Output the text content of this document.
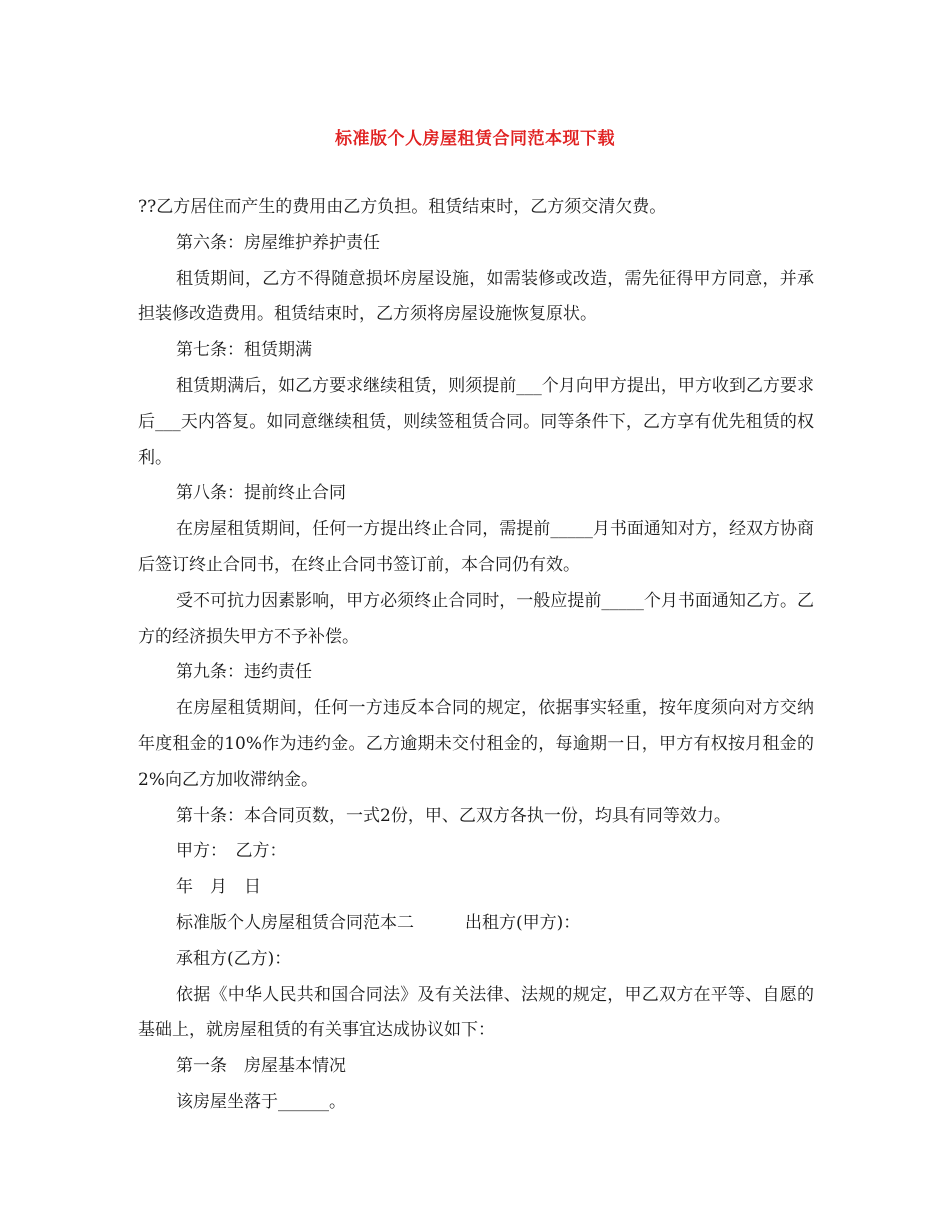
标准版个人房屋租赁合同范本现下载

??乙方居住而产生的费用由乙方负担。租赁结束时，乙方须交清欠费。

第六条：房屋维护养护责任

租赁期间，乙方不得随意损坏房屋设施，如需装修或改造，需先征得甲方同意，并承担装修改造费用。租赁结束时，乙方须将房屋设施恢复原状。

第七条：租赁期满

租赁期满后，如乙方要求继续租赁，则须提前___个月向甲方提出，甲方收到乙方要求后___天内答复。如同意继续租赁，则续签租赁合同。同等条件下，乙方享有优先租赁的权利。

第八条：提前终止合同

在房屋租赁期间，任何一方提出终止合同，需提前_____月书面通知对方，经双方协商后签订终止合同书，在终止合同书签订前，本合同仍有效。

受不可抗力因素影响，甲方必须终止合同时，一般应提前_____个月书面通知乙方。乙方的经济损失甲方不予补偿。

第九条：违约责任

在房屋租赁期间，任何一方违反本合同的规定，依据事实轻重，按年度须向对方交纳年度租金的10%作为违约金。乙方逾期未交付租金的，每逾期一日，甲方有权按月租金的2%向乙方加收滞纳金。

第十条：本合同页数，一式2份，甲、乙双方各执一份，均具有同等效力。

甲方：　乙方：

年　月　日

标准版个人房屋租赁合同范本二　　　出租方(甲方)：

承租方(乙方)：

依据《中华人民共和国合同法》及有关法律、法规的规定，甲乙双方在平等、自愿的基础上，就房屋租赁的有关事宜达成协议如下：

第一条　房屋基本情况

该房屋坐落于______。
